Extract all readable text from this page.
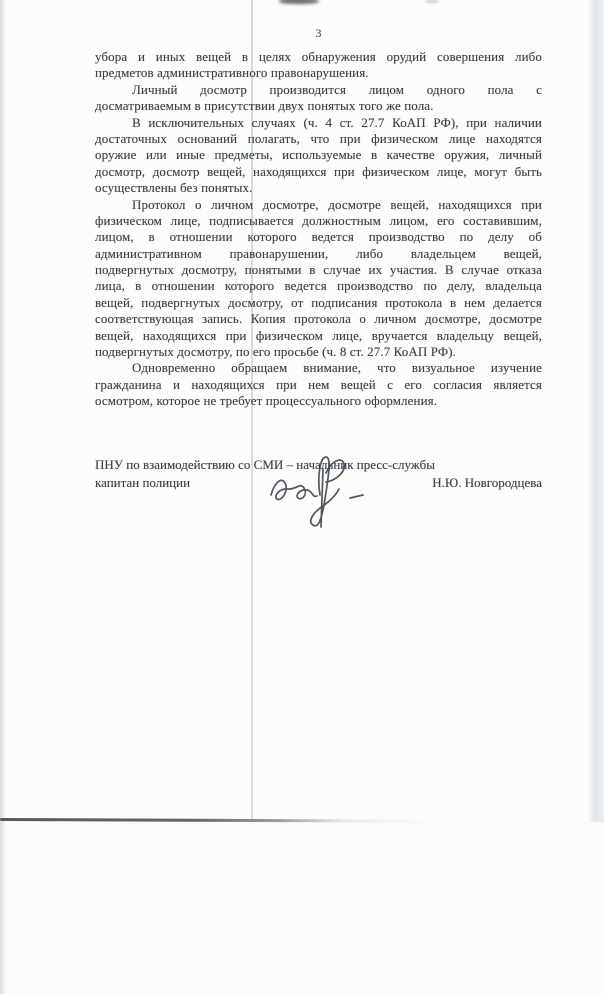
3
убора и иных вещей в целях обнаружения орудий совершения либо
предметов административного правонарушения.
Личный досмотр производится лицом одного пола с
досматриваемым в присутствии двух понятых того же пола.
В исключительных случаях (ч. 4 ст. 27.7 КоАП РФ), при наличии
достаточных оснований полагать, что при физическом лице находятся
оружие или иные предметы, используемые в качестве оружия, личный
досмотр, досмотр вещей, находящихся при физическом лице, могут быть
осуществлены без понятых.
Протокол о личном досмотре, досмотре вещей, находящихся при
физическом лице, подписывается должностным лицом, его составившим,
лицом, в отношении которого ведется производство по делу об
административном правонарушении, либо владельцем вещей,
подвергнутых досмотру, понятыми в случае их участия. В случае отказа
лица, в отношении которого ведется производство по делу, владельца
вещей, подвергнутых досмотру, от подписания протокола в нем делается
соответствующая запись. Копия протокола о личном досмотре, досмотре
вещей, находящихся при физическом лице, вручается владельцу вещей,
подвергнутых досмотру, по его просьбе (ч. 8 ст. 27.7 КоАП РФ).
Одновременно обращаем внимание, что визуальное изучение
гражданина и находящихся при нем вещей с его согласия является
осмотром, которое не требует процессуального оформления.
ПНУ по взаимодействию со СМИ – начальник пресс-службы
капитан полиции	Н.Ю. Новгородцева
